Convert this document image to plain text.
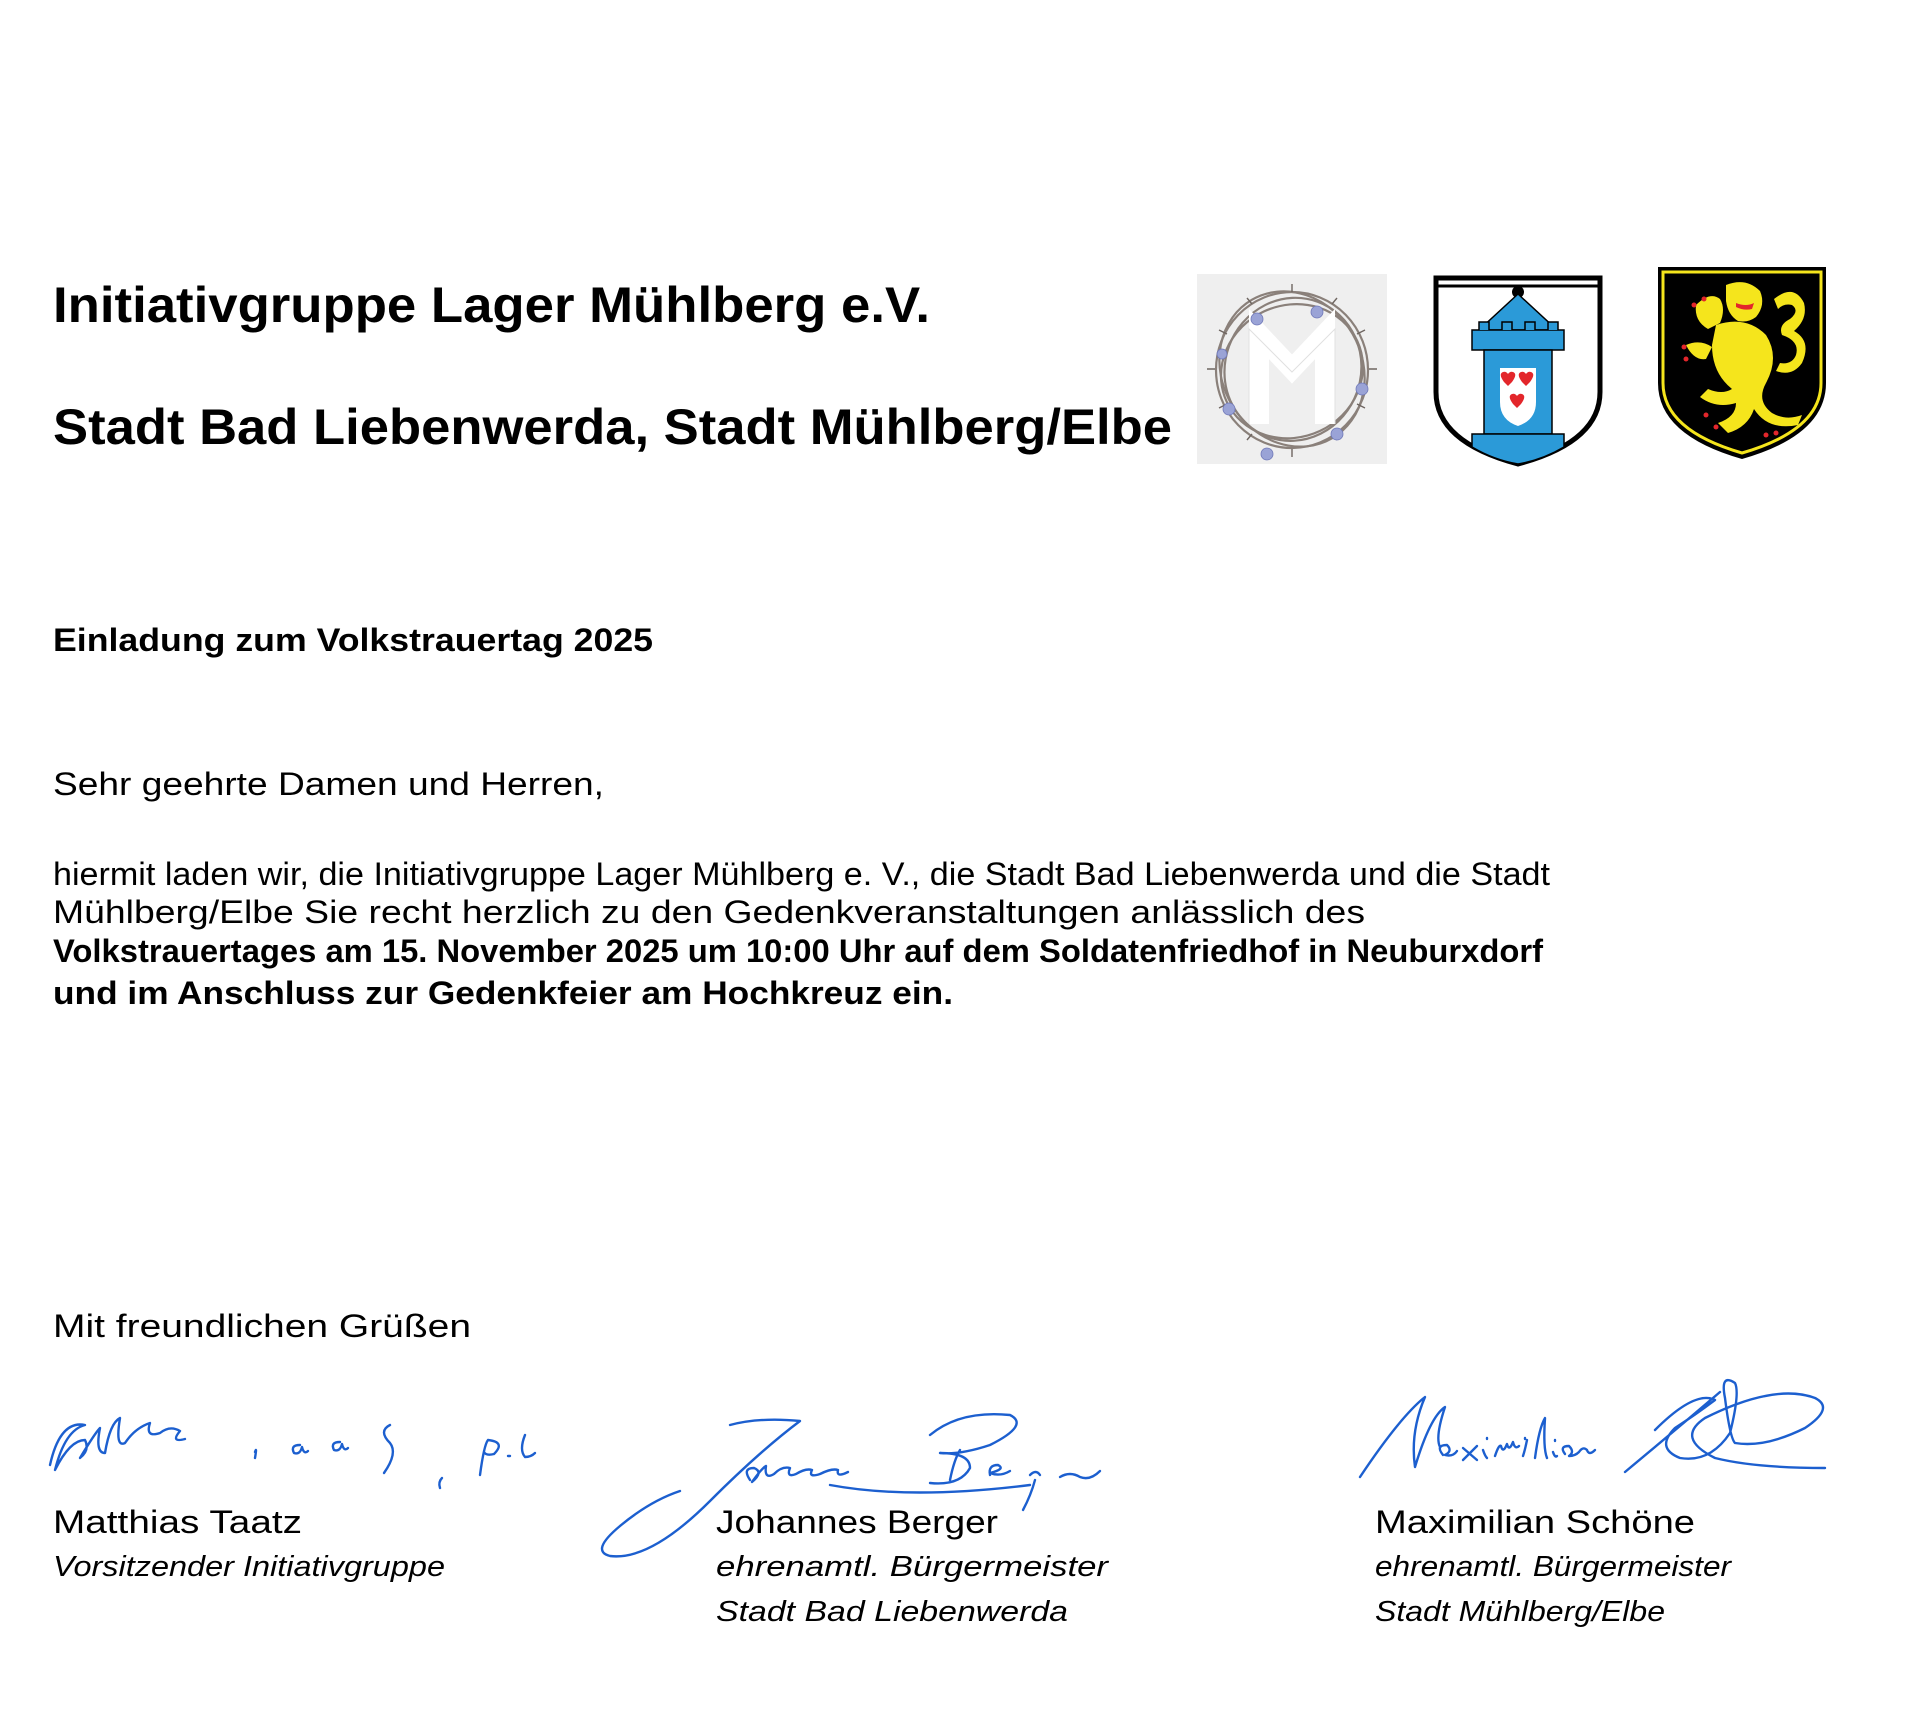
Initiativgruppe Lager Mühlberg e.V.
Stadt Bad Liebenwerda, Stadt Mühlberg/Elbe
Einladung zum Volkstrauertag 2025
Sehr geehrte Damen und Herren,
hiermit laden wir, die Initiativgruppe Lager Mühlberg e. V., die Stadt Bad Liebenwerda und die Stadt
Mühlberg/Elbe Sie recht herzlich zu den Gedenkveranstaltungen anlässlich des
Volkstrauertages am 15. November 2025 um 10:00 Uhr auf dem Soldatenfriedhof in Neuburxdorf
und im Anschluss zur Gedenkfeier am Hochkreuz ein.
Mit freundlichen Grüßen
Matthias Taatz
Vorsitzender Initiativgruppe
Johannes Berger
ehrenamtl. Bürgermeister
Stadt Bad Liebenwerda
Maximilian Schöne
ehrenamtl. Bürgermeister
Stadt Mühlberg/Elbe
